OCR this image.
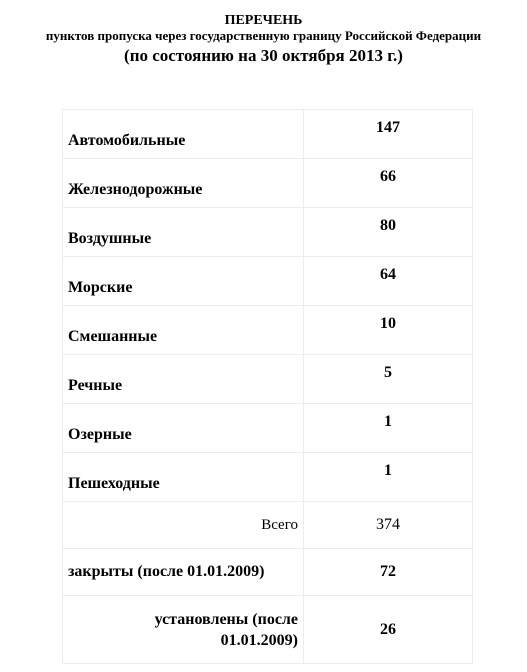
ПЕРЕЧЕНЬ
пунктов пропуска через государственную границу Российской Федерации
(по состоянию на 30 октября 2013 г.)
Автомобильные	147
Железнодорожные	66
Воздушные	80
Морские	64
Смешанные	10
Речные	5
Озерные	1
Пешеходные	1
Всего	374
закрыты (после 01.01.2009)	72
установлены (после
01.01.2009)	26
